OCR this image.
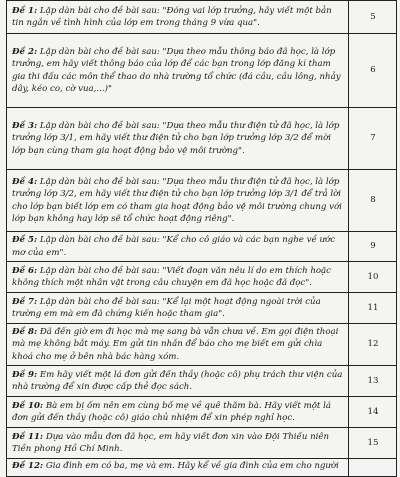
Đề 1: Lập dàn bài cho đề bài sau: "Đóng vai lớp trưởng, hãy viết một bản tin ngắn về tình hình của lớp em trong tháng 9 vừa qua".	5
Đề 2: Lập dàn bài cho đề bài sau: "Dựa theo mẫu thông báo đã học, là lớp trưởng, em hãy viết thông báo của lớp để các bạn trong lớp đăng kí tham gia thi đấu các môn thể thao do nhà trường tổ chức (đá cầu, cầu lông, nhảy dây, kéo co, cờ vua,...)"	6
Đề 3: Lập dàn bài cho đề bài sau: "Dựa theo mẫu thư điện tử đã học, là lớp trưởng lớp 3/1, em hãy viết thư điện tử cho bạn lớp trưởng lớp 3/2 để mời lớp bạn cùng tham gia hoạt động bảo vệ môi trường".	7
Đề 4: Lập dàn bài cho đề bài sau: "Dựa theo mẫu thư điện tử đã học, là lớp trưởng lớp 3/2, em hãy viết thư điện tử cho bạn lớp trưởng lớp 3/1 để trả lời cho lớp bạn biết lớp em có tham gia hoạt động bảo vệ môi trường chung với lớp bạn không hay lớp sẽ tổ chức hoạt động riêng".	8
Đề 5: Lập dàn bài cho đề bài sau: "Kể cho cô giáo và các bạn nghe về ước mơ của em".	9
Đề 6: Lập dàn bài cho đề bài sau: "Viết đoạn văn nêu lí do em thích hoặc không thích một nhân vật trong câu chuyện em đã học hoặc đã đọc".	10
Đề 7: Lập dàn bài cho đề bài sau: "Kể lại một hoạt động ngoài trời của trường em mà em đã chứng kiến hoặc tham gia".	11
Đề 8: Đã đến giờ em đi học mà mẹ sang bà vẫn chưa về. Em gọi điện thoại mà mẹ không bắt máy. Em gửi tin nhắn để báo cho mẹ biết em gửi chìa khoá cho mẹ ở bên nhà bác hàng xóm.	12
Đề 9: Em hãy viết một lá đơn gửi đến thầy (hoặc cô) phụ trách thư viện của nhà trường để xin được cấp thẻ đọc sách.	13
Đề 10: Bà em bị ốm nên em cùng bố mẹ về quê thăm bà. Hãy viết một lá đơn gửi đến thầy (hoặc cô) giáo chủ nhiệm để xin phép nghỉ học.	14
Đề 11: Dựa vào mẫu đơn đã học, em hãy viết đơn xin vào Đội Thiếu niên Tiền phong Hồ Chí Minh.	15
Đề 12: Gia đình em có ba, mẹ và em. Hãy kể về gia đình của em cho người	
